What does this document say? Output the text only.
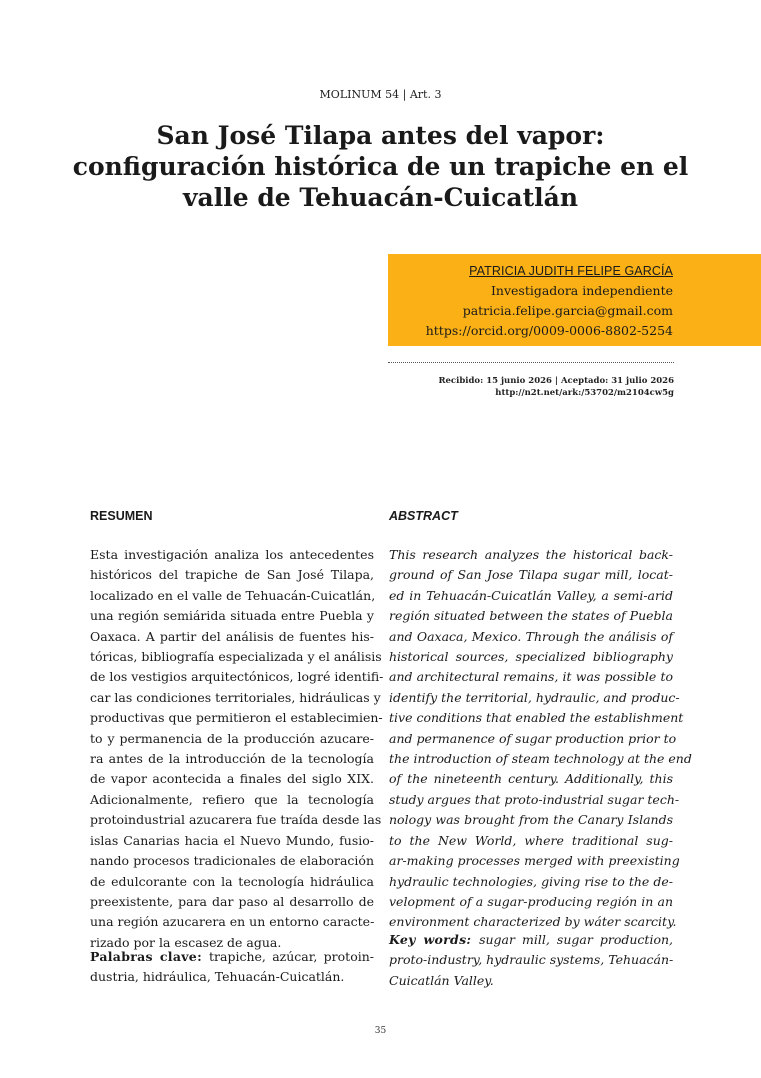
MOLINUM 54 | Art. 3
San José Tilapa antes del vapor:
configuración histórica de un trapiche en el
valle de Tehuacán-Cuicatlán
PATRICIA JUDITH FELIPE GARCÍA
Investigadora independiente
patricia.felipe.garcia@gmail.com
https://orcid.org/0009-0006-8802-5254
Recibido: 15 junio 2026 | Aceptado: 31 julio 2026
http://n2t.net/ark:/53702/m2104cw5g
RESUMEN	ABSTRACT
Esta investigación analiza los antecedentes
históricos del trapiche de San José Tilapa,
localizado en el valle de Tehuacán-Cuicatlán,
una región semiárida situada entre Puebla y
Oaxaca. A partir del análisis de fuentes his-
tóricas, bibliografía especializada y el análisis
de los vestigios arquitectónicos, logré identifi-
car las condiciones territoriales, hidráulicas y
productivas que permitieron el establecimien-
to y permanencia de la producción azucare-
ra antes de la introducción de la tecnología
de vapor acontecida a finales del siglo XIX.
Adicionalmente, refiero que la tecnología
protoindustrial azucarera fue traída desde las
islas Canarias hacia el Nuevo Mundo, fusio-
nando procesos tradicionales de elaboración
de edulcorante con la tecnología hidráulica
preexistente, para dar paso al desarrollo de
una región azucarera en un entorno caracte-
rizado por la escasez de agua.
This research analyzes the historical back-
ground of San Jose Tilapa sugar mill, locat-
ed in Tehuacán-Cuicatlán Valley, a semi-arid
región situated between the states of Puebla
and Oaxaca, Mexico. Through the análisis of
historical sources, specialized bibliography
and architectural remains, it was possible to
identify the territorial, hydraulic, and produc-
tive conditions that enabled the establishment
and permanence of sugar production prior to
the introduction of steam technology at the end
of the nineteenth century. Additionally, this
study argues that proto-industrial sugar tech-
nology was brought from the Canary Islands
to the New World, where traditional sug-
ar-making processes merged with preexisting
hydraulic technologies, giving rise to the de-
velopment of a sugar-producing región in an
environment characterized by wáter scarcity.
Palabras clave: trapiche, azúcar, protoin-
dustria, hidráulica, Tehuacán-Cuicatlán.
Key words: sugar mill, sugar production,
proto-industry, hydraulic systems, Tehuacán-
Cuicatlán Valley.
35
